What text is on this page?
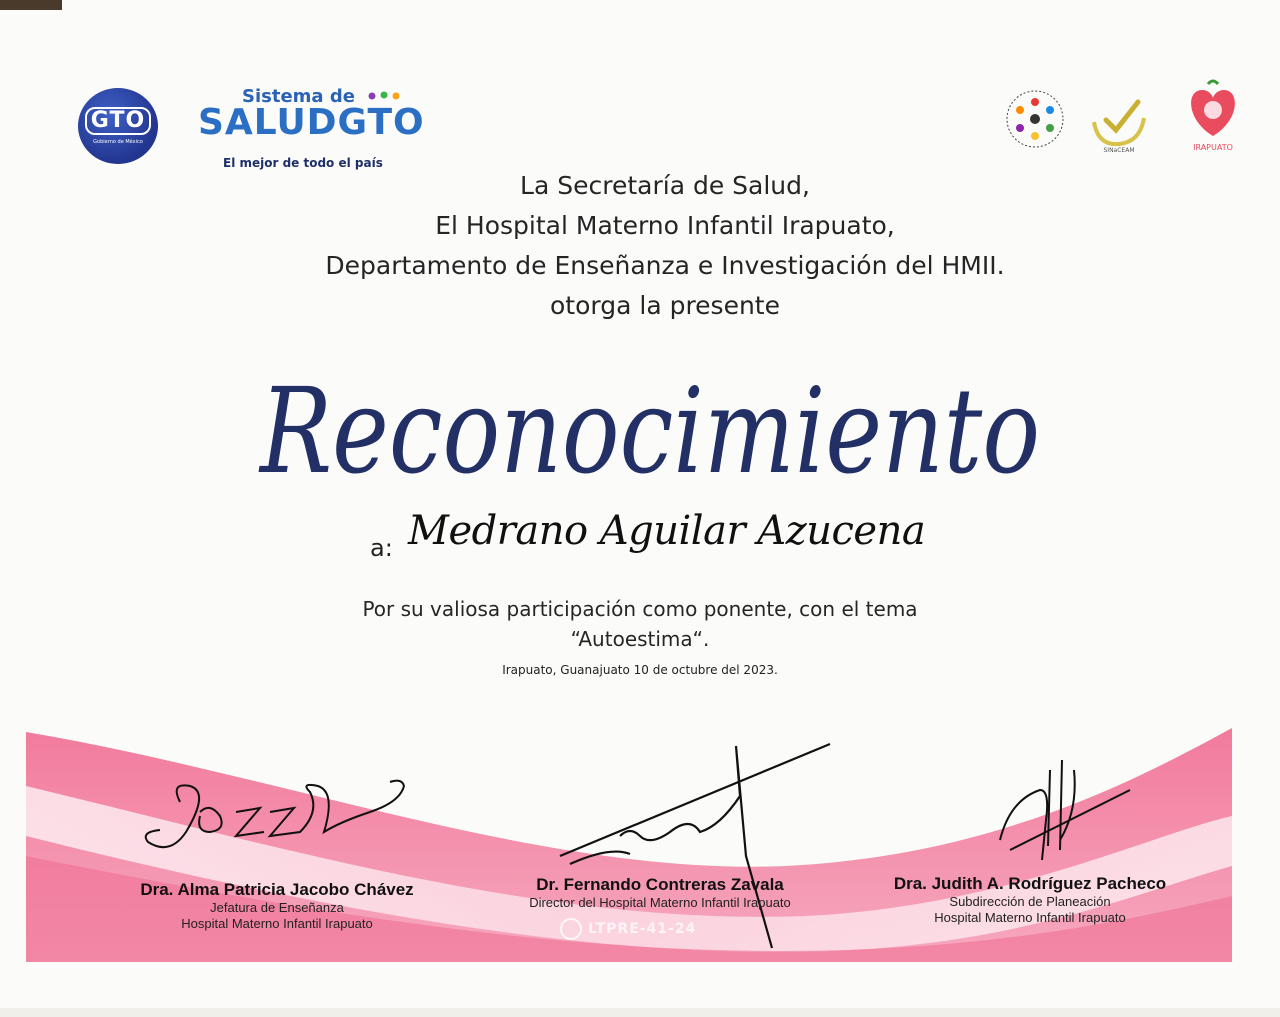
GTO
Gobierno de México
Sistema de
SALUDGTO
El mejor de todo el país
SINaCEAM	IRAPUATO
La Secretaría de Salud,
El Hospital Materno Infantil Irapuato,
Departamento de Enseñanza e Investigación del HMII.
otorga la presente
Reconocimiento
a: Medrano Aguilar Azucena
Por su valiosa participación como ponente, con el tema
“Autoestima“.
Irapuato, Guanajuato 10 de octubre del 2023.
Dra. Alma Patricia Jacobo Chávez
Jefatura de Enseñanza
Hospital Materno Infantil Irapuato
Dr. Fernando Contreras Zavala
Director del Hospital Materno Infantil Irapuato
Dra. Judith A. Rodríguez Pacheco
Subdirección de Planeación
Hospital Materno Infantil Irapuato
LTPRE-41-24
